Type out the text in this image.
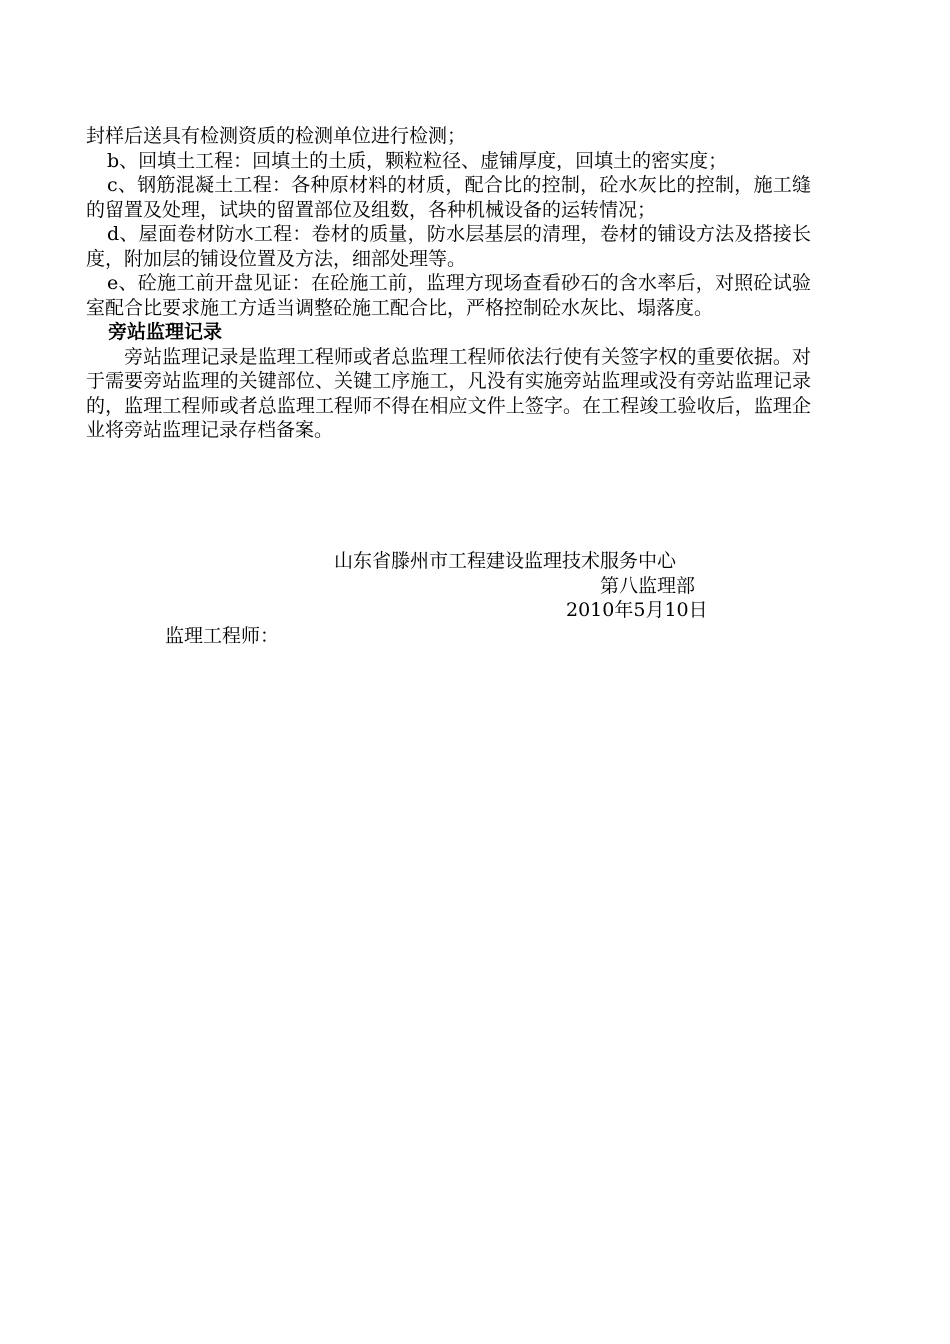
封样后送具有检测资质的检测单位进行检测；

b、回填土工程：回填土的土质，颗粒粒径、虚铺厚度，回填土的密实度；

c、钢筋混凝土工程：各种原材料的材质，配合比的控制，砼水灰比的控制，施工缝的留置及处理，试块的留置部位及组数，各种机械设备的运转情况；

d、屋面卷材防水工程：卷材的质量，防水层基层的清理，卷材的铺设方法及搭接长度，附加层的铺设位置及方法，细部处理等。

e、砼施工前开盘见证：在砼施工前，监理方现场查看砂石的含水率后，对照砼试验室配合比要求施工方适当调整砼施工配合比，严格控制砼水灰比、塌落度。

旁站监理记录

旁站监理记录是监理工程师或者总监理工程师依法行使有关签字权的重要依据。对于需要旁站监理的关键部位、关键工序施工，凡没有实施旁站监理或没有旁站监理记录的，监理工程师或者总监理工程师不得在相应文件上签字。在工程竣工验收后，监理企业将旁站监理记录存档备案。

山东省滕州市工程建设监理技术服务中心
第八监理部
2010年5月10日
监理工程师：
